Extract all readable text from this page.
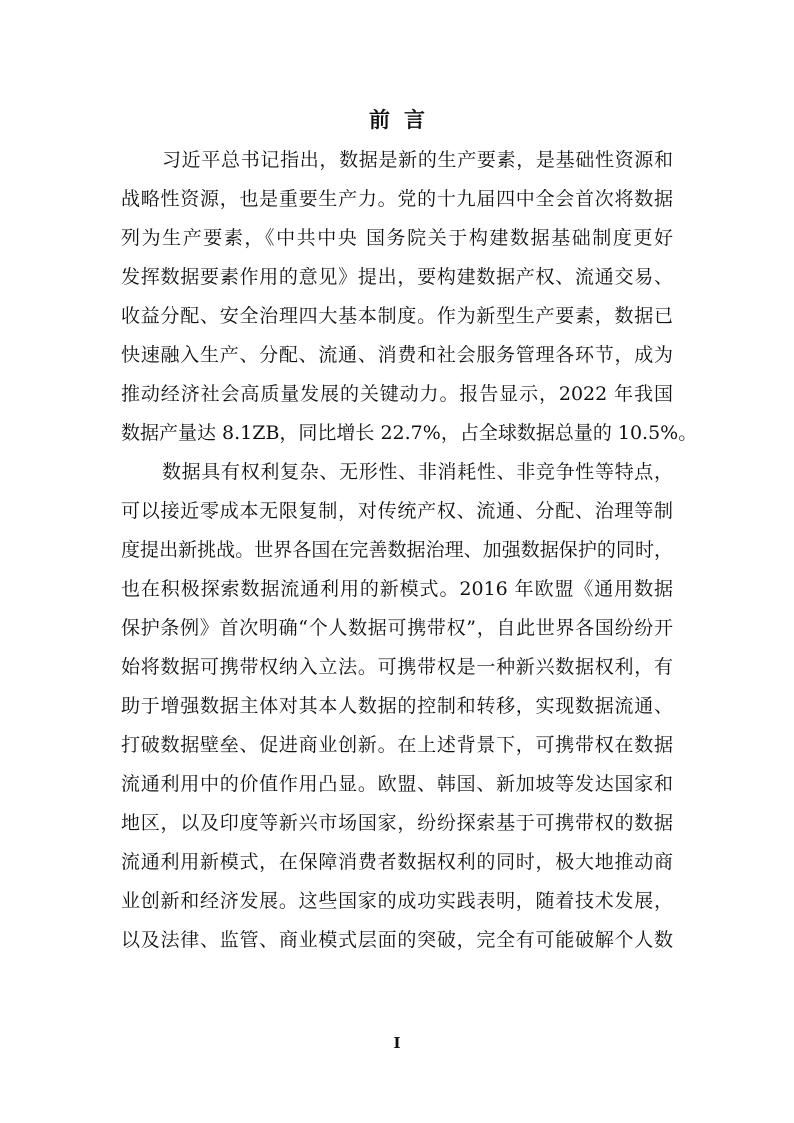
前言
习近平总书记指出，数据是新的生产要素，是基础性资源和
战略性资源，也是重要生产力。党的十九届四中全会首次将数据
列为生产要素，《中共中央 国务院关于构建数据基础制度更好
发挥数据要素作用的意见》提出，要构建数据产权、流通交易、
收益分配、安全治理四大基本制度。作为新型生产要素，数据已
快速融入生产、分配、流通、消费和社会服务管理各环节，成为
推动经济社会高质量发展的关键动力。报告显示，2022 年我国
数据产量达 8.1ZB，同比增长 22.7%，占全球数据总量的 10.5%。
数据具有权利复杂、无形性、非消耗性、非竞争性等特点，
可以接近零成本无限复制，对传统产权、流通、分配、治理等制
度提出新挑战。世界各国在完善数据治理、加强数据保护的同时，
也在积极探索数据流通利用的新模式。2016 年欧盟《通用数据
保护条例》首次明确“个人数据可携带权”，自此世界各国纷纷开
始将数据可携带权纳入立法。可携带权是一种新兴数据权利，有
助于增强数据主体对其本人数据的控制和转移，实现数据流通、
打破数据壁垒、促进商业创新。在上述背景下，可携带权在数据
流通利用中的价值作用凸显。欧盟、韩国、新加坡等发达国家和
地区，以及印度等新兴市场国家，纷纷探索基于可携带权的数据
流通利用新模式，在保障消费者数据权利的同时，极大地推动商
业创新和经济发展。这些国家的成功实践表明，随着技术发展，
以及法律、监管、商业模式层面的突破，完全有可能破解个人数
I
